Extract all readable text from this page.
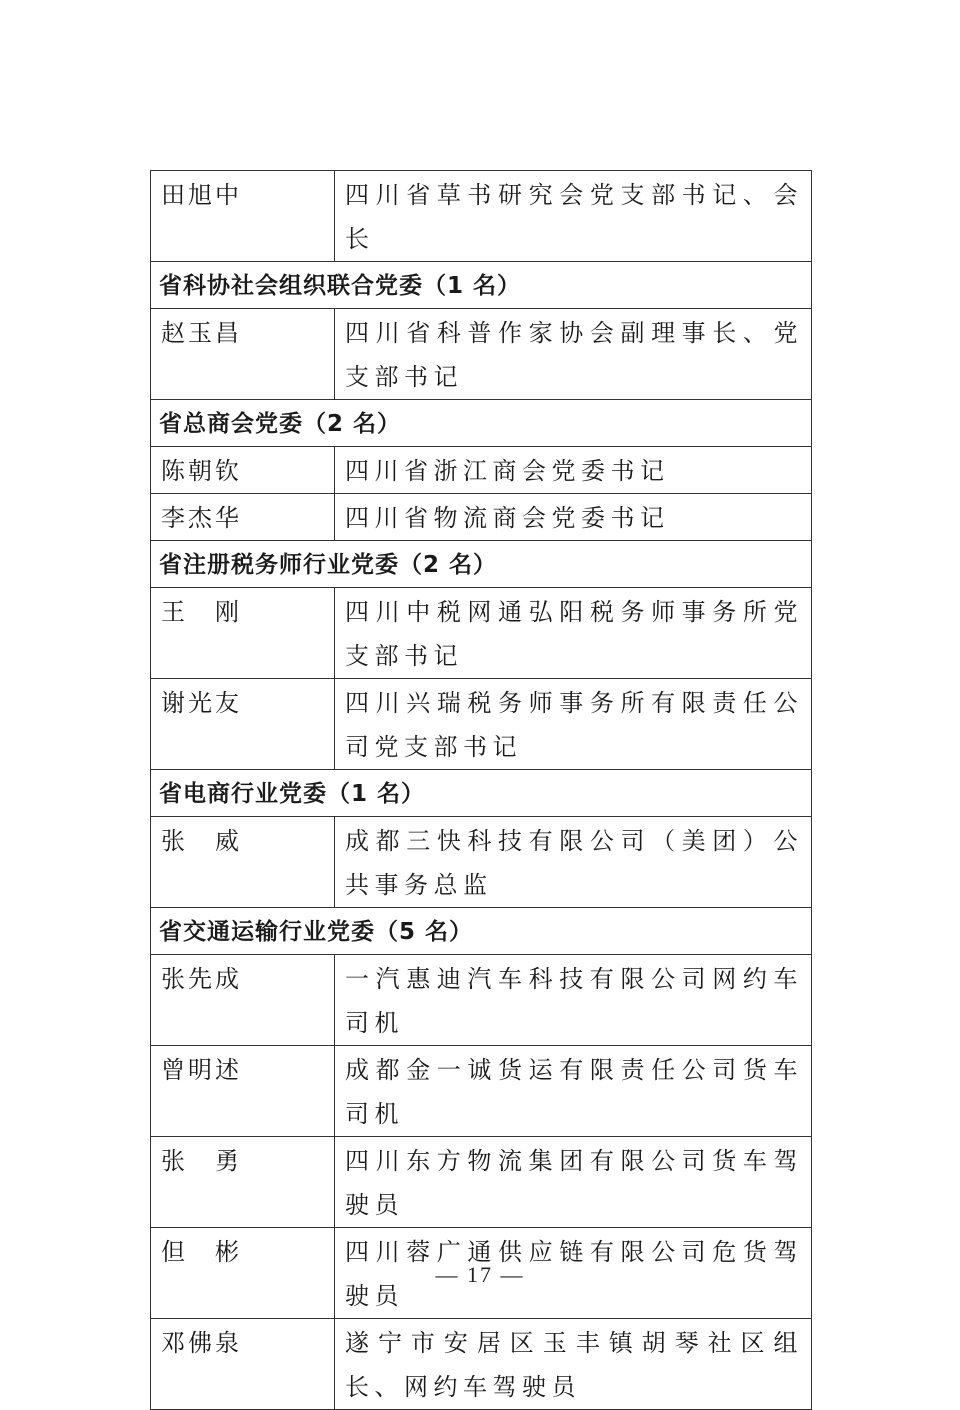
田旭中	四川省草书研究会党支部书记、会长
省科协社会组织联合党委（1 名）	
赵玉昌	四川省科普作家协会副理事长、党支部书记
省总商会党委（2 名）	
陈朝钦	四川省浙江商会党委书记
李杰华	四川省物流商会党委书记
省注册税务师行业党委（2 名）	
王　刚	四川中税网通弘阳税务师事务所党支部书记
谢光友	四川兴瑞税务师事务所有限责任公司党支部书记
省电商行业党委（1 名）	
张　威	成都三快科技有限公司（美团）公共事务总监
省交通运输行业党委（5 名）	
张先成	一汽惠迪汽车科技有限公司网约车司机
曾明述	成都金一诚货运有限责任公司货车司机
张　勇	四川东方物流集团有限公司货车驾驶员
但　彬	四川蓉广通供应链有限公司危货驾驶员
邓佛泉	遂宁市安居区玉丰镇胡琴社区组长、网约车驾驶员
— 17 —
